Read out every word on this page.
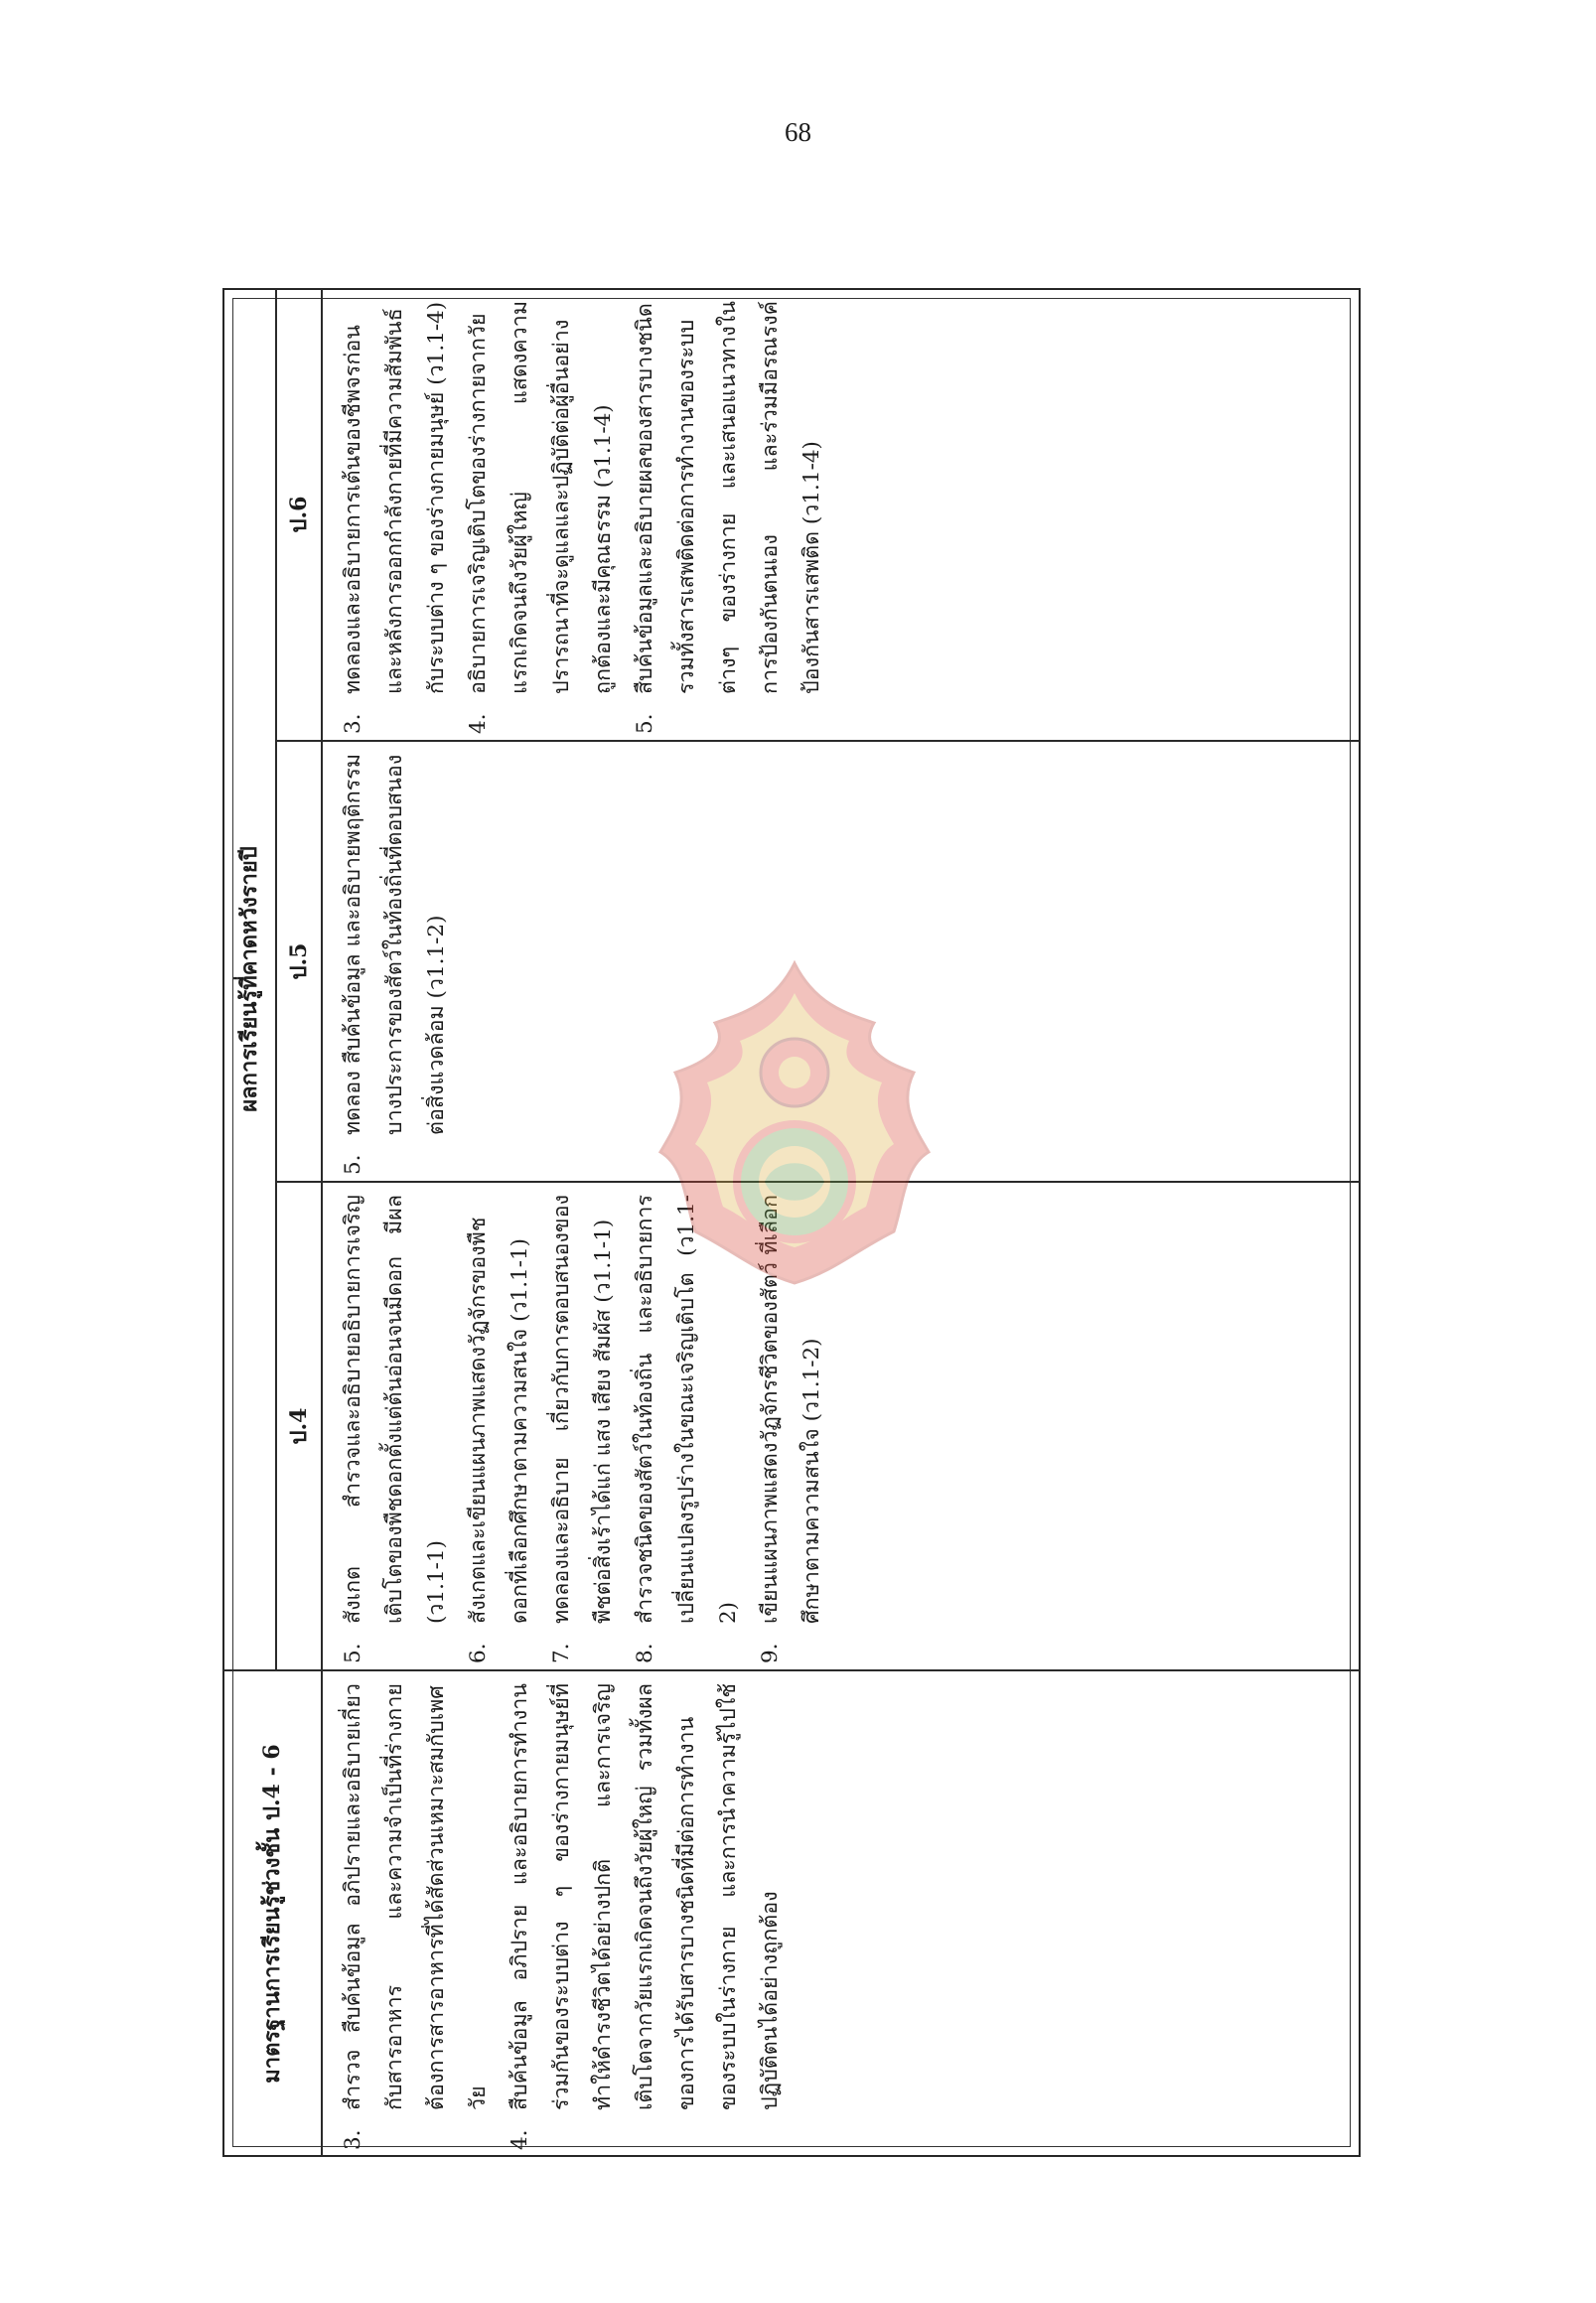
68
มาตรฐานการเรียนรู้ช่วงชั้น ป.4 - 6
ผลการเรียนรู้ที่คาดหวังรายปี
ป.4
ป.5
ป.6
3.
สำรวจ สืบค้นข้อมูล อภิปรายและอธิบายเกี่ยวกับสารอาหาร และความจำเป็นที่ร่างกายต้องการสารอาหารที่ได้สัดส่วนเหมาะสมกับเพศ วัย
4.
สืบค้นข้อมูล อภิปราย และอธิบายการทำงานร่วมกันของระบบต่าง ๆ ของร่างกายมนุษย์ที่ทำให้ดำรงชีวิตได้อย่างปกติ และการเจริญเติบโตจากวัยแรกเกิดจนถึงวัยผู้ใหญ่ รวมทั้งผลของการได้รับสารบางชนิดที่มีต่อการทำงานของระบบในร่างกาย และการนำความรู้ไปใช้ปฏิบัติตนได้อย่างถูกต้อง
5.
สังเกต สำรวจและอธิบายอธิบายการเจริญเติบโตของพืชดอกตั้งแต่ต้นอ่อนจนมีดอก มีผล (ว1.1-1)
6.
สังเกตและเขียนแผนภาพแสดงวัฏจักรของพืชดอกที่เลือกศึกษาตามความสนใจ (ว1.1-1)
7.
ทดลองและอธิบาย เกี่ยวกับการตอบสนองของพืชต่อสิ่งเร้าได้แก่ แสง เสียง สัมผัส (ว1.1-1)
8.
สำรวจชนิดของสัตว์ในท้องถิ่น และอธิบายการเปลี่ยนแปลงรูปร่างในขณะเจริญเติบโต (ว1.1-2)
9.
เขียนแผนภาพแสดงวัฏจักรชีวิตของสัตว์ ที่เลือกศึกษาตามความสนใจ (ว1.1-2)
5.
ทดลอง สืบค้นข้อมูล และอธิบายพฤติกรรมบางประการของสัตว์ในท้องถิ่นที่ตอบสนองต่อสิ่งแวดล้อม (ว1.1-2)
3.
ทดลองและอธิบายการเต้นของชีพจรก่อนและหลังการออกกำลังกายที่มีความสัมพันธ์กับระบบต่าง ๆ ของร่างกายมนุษย์ (ว1.1-4)
4.
อธิบายการเจริญเติบโตของร่างกายจากวัยแรกเกิดจนถึงวัยผู้ใหญ่ แสดงความปรารถนาที่จะดูแลและปฏิบัติต่อผู้อื่นอย่างถูกต้องและมีคุณธรรม (ว1.1-4)
5.
สืบค้นข้อมูลและอธิบายผลของสารบางชนิด รวมทั้งสารเสพติดต่อการทำงานของระบบต่างๆ ของร่างกาย และเสนอแนวทางในการป้องกันตนเอง และร่วมมือรณรงค์ป้องกันสารเสพติด (ว1.1-4)
